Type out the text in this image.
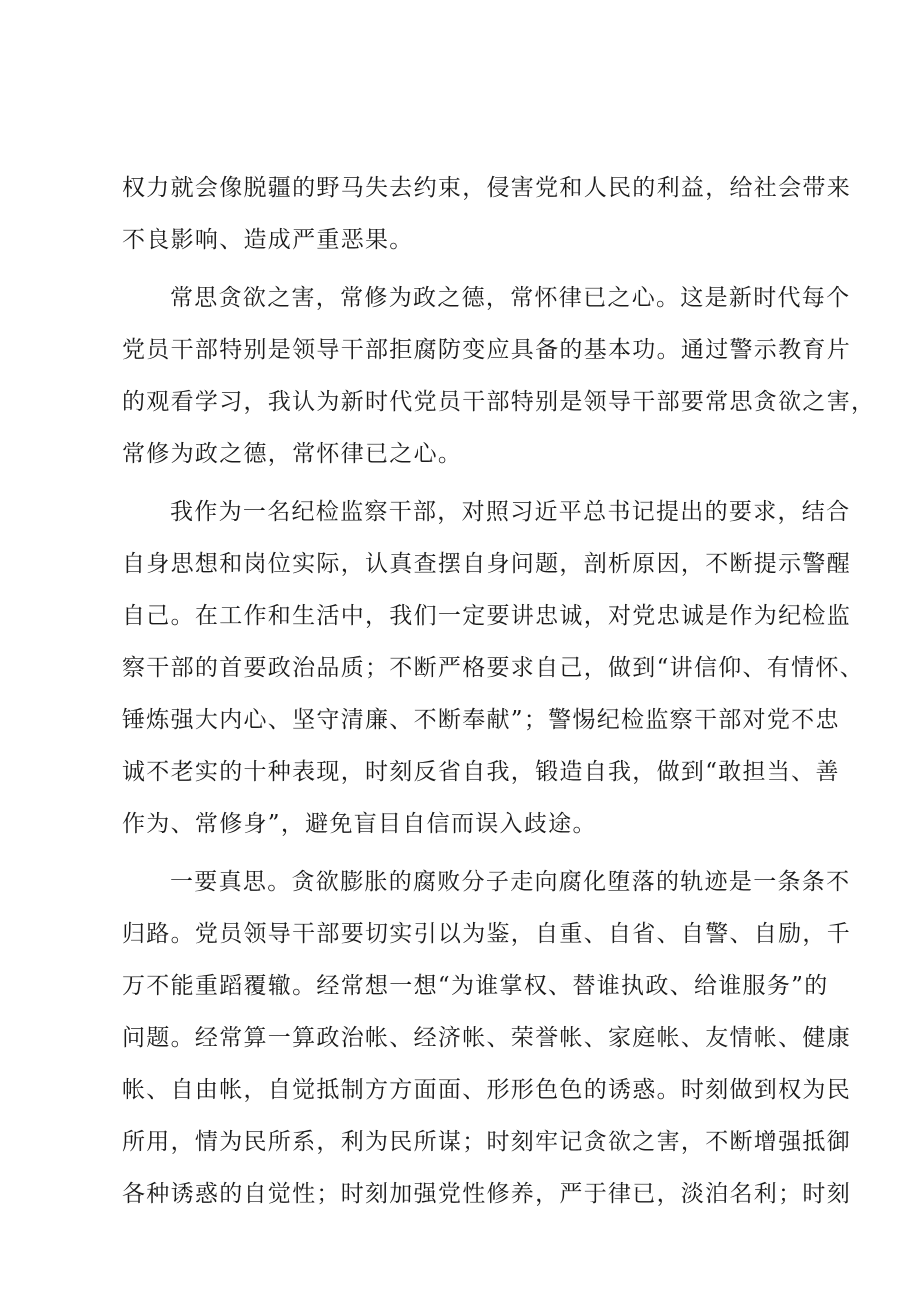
权力就会像脱疆的野马失去约束，侵害党和人民的利益，给社会带来
不良影响、造成严重恶果。
常思贪欲之害，常修为政之德，常怀律已之心。这是新时代每个
党员干部特别是领导干部拒腐防变应具备的基本功。通过警示教育片
的观看学习，我认为新时代党员干部特别是领导干部要常思贪欲之害，
常修为政之德，常怀律已之心。
我作为一名纪检监察干部，对照习近平总书记提出的要求，结合
自身思想和岗位实际，认真查摆自身问题，剖析原因，不断提示警醒
自己。在工作和生活中，我们一定要讲忠诚，对党忠诚是作为纪检监
察干部的首要政治品质；不断严格要求自己，做到“讲信仰、有情怀、
锤炼强大内心、坚守清廉、不断奉献”；警惕纪检监察干部对党不忠
诚不老实的十种表现，时刻反省自我，锻造自我，做到“敢担当、善
作为、常修身”，避免盲目自信而误入歧途。
一要真思。贪欲膨胀的腐败分子走向腐化堕落的轨迹是一条条不
归路。党员领导干部要切实引以为鉴，自重、自省、自警、自励，千
万不能重蹈覆辙。经常想一想“为谁掌权、替谁执政、给谁服务”的
问题。经常算一算政治帐、经济帐、荣誉帐、家庭帐、友情帐、健康
帐、自由帐，自觉抵制方方面面、形形色色的诱惑。时刻做到权为民
所用，情为民所系，利为民所谋；时刻牢记贪欲之害，不断增强抵御
各种诱惑的自觉性；时刻加强党性修养，严于律已，淡泊名利；时刻
